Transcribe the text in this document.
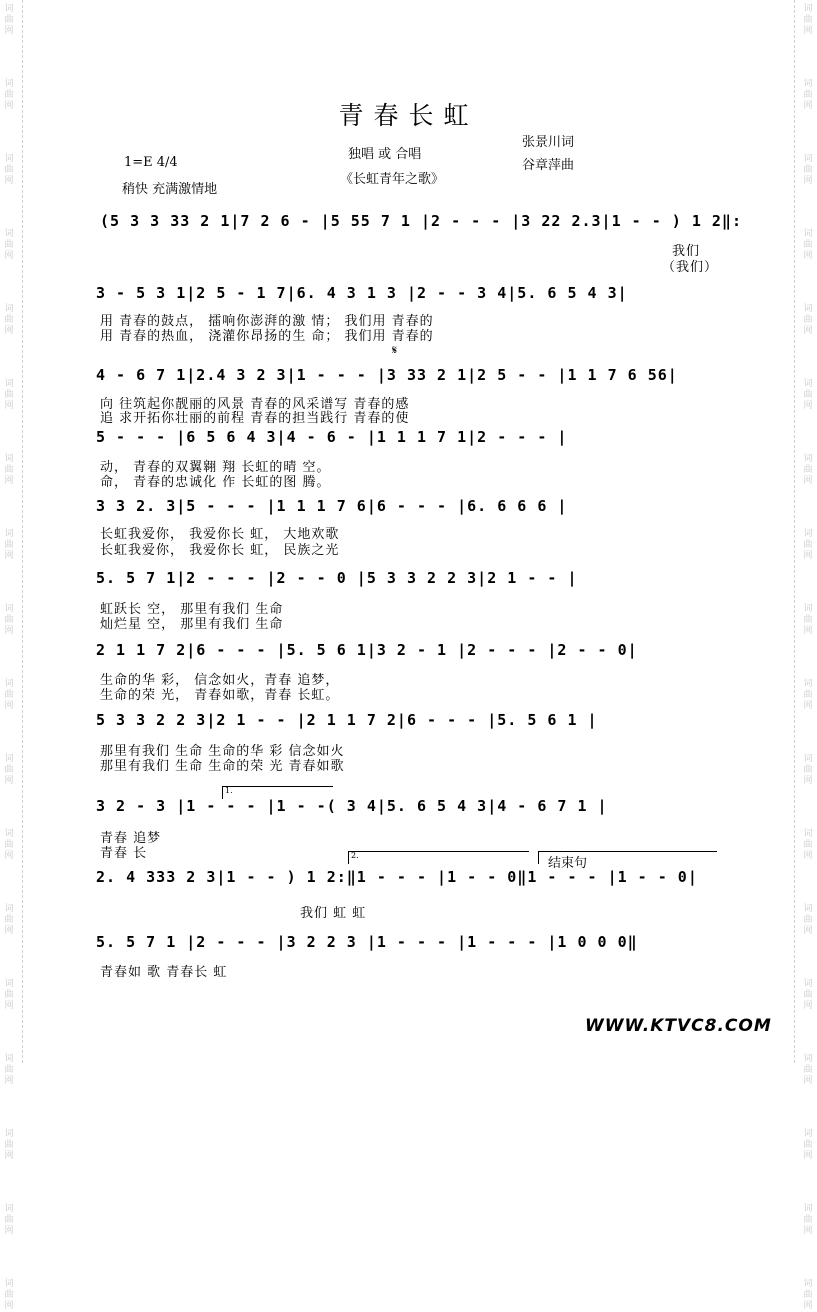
词
曲
网
词
曲
网
词
曲
网
词
曲
网
词
曲
网
词
曲
网
词
曲
网
词
曲
网
词
曲
网
词
曲
网
词
曲
网
词
曲
网
词
曲
网
词
曲
网
词
曲
网
词
曲
网
词
曲
网
词
曲
网
词
曲
网
词
曲
网
词
曲
网
词
曲
网
词
曲
网
词
曲
网
词
曲
网
词
曲
网
词
曲
网
词
曲
网
词
曲
网
词
曲
网
词
曲
网
词
曲
网
词
曲
网
词
曲
网
词
曲
网
词
曲
网
青春长虹
独唱 或 合唱
张景川词
谷章萍曲
1=E 4/4
稍快 充满激情地
《长虹青年之歌》
(5 3 3 33 2 1|7 2 6 - |5 55 7 1 |2 - - - |3 22 2.3|1 - - ) 1 2‖:
我们
（我们）
3 - 5 3 1|2 5 - 1 7|6. 4 3 1 3 |2 - - 3 4|5. 6 5 4 3|
用 青春的鼓点， 擂响你澎湃的激 情； 我们用 青春的
用 青春的热血， 浇灌你昂扬的生 命； 我们用 青春的
𝄋
4 - 6 7 1|2.4 3 2 3|1 - - - |3 33 2 1|2 5 - - |1 1 7 6 56|
向 往筑起你靓丽的风景 青春的风采谱写 青春的感
追 求开拓你壮丽的前程 青春的担当践行 青春的使
5 - - - |6 5 6 4 3|4 - 6 - |1 1 1 7 1|2 - - - |
动， 青春的双翼翱 翔 长虹的晴 空。
命， 青春的忠诚化 作 长虹的图 腾。
3 3 2. 3|5 - - - |1 1 1 7 6|6 - - - |6. 6 6 6 |
长虹我爱你， 我爱你长 虹， 大地欢歌
长虹我爱你， 我爱你长 虹， 民族之光
5. 5 7 1|2 - - - |2 - - 0 |5 3 3 2 2 3|2 1 - - |
虹跃长 空， 那里有我们 生命
灿烂星 空， 那里有我们 生命
2 1 1 7 2|6 - - - |5. 5 6 1|3 2 - 1 |2 - - - |2 - - 0|
生命的华 彩， 信念如火，青春 追梦，
生命的荣 光， 青春如歌，青春 长虹。
5 3 3 2 2 3|2 1 - - |2 1 1 7 2|6 - - - |5. 5 6 1 |
那里有我们 生命 生命的华 彩 信念如火
那里有我们 生命 生命的荣 光 青春如歌
1.
3 2 - 3 |1 - - - |1 - -( 3 4|5. 6 5 4 3|4 - 6 7 1 |
青春 追梦
青春 长	2.
结束句
2. 4 333 2 3|1 - - ) 1 2:‖1 - - - |1 - - 0‖1 - - - |1 - - 0|
我们 虹 虹
5. 5 7 1 |2 - - - |3 2 2 3 |1 - - - |1 - - - |1 0 0 0‖
青春如 歌 青春长 虹
WWW.KTVC8.COM
